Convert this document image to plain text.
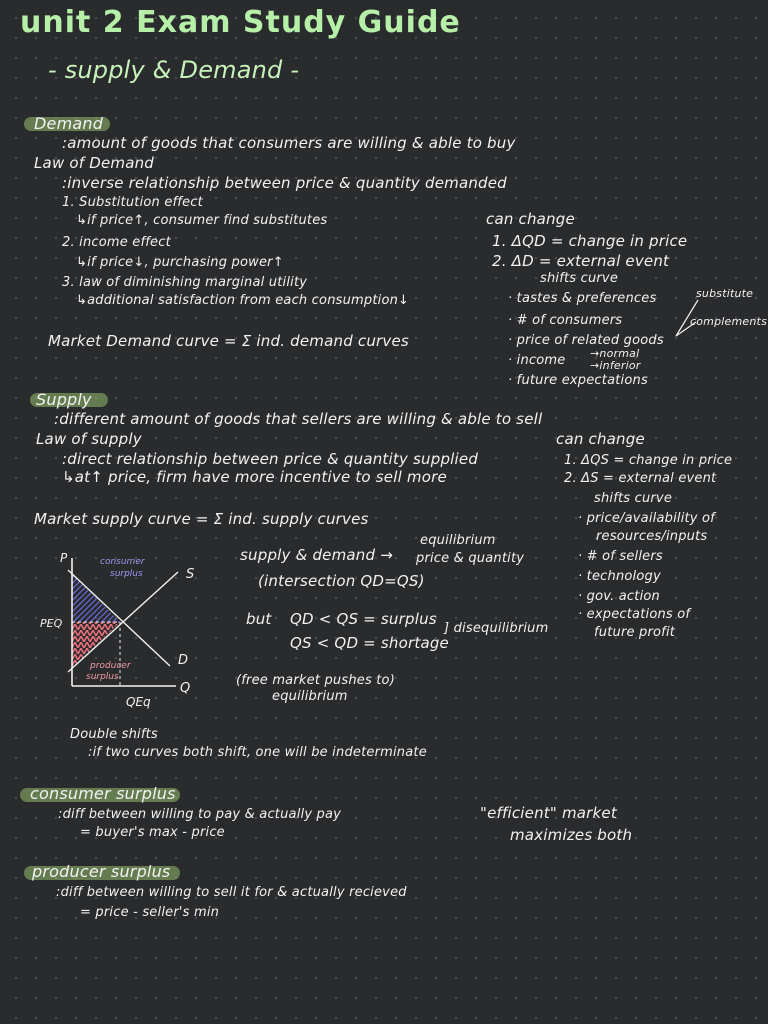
unit 2 Exam Study Guide
- supply & Demand -
Demand
:amount of goods that consumers are willing & able to buy
Law of Demand
:inverse relationship between price & quantity demanded
1. Substitution effect
↳if price↑, consumer find substitutes
2. income effect
↳if price↓, purchasing power↑
3. law of diminishing marginal utility
↳additional satisfaction from each consumption↓
Market Demand curve = Σ ind. demand curves
can change
1. ΔQD = change in price
2. ΔD = external event
shifts curve
· tastes & preferences
· # of consumers
· price of related goods
· income
· future expectations
substitute
complements
→normal
→inferior
Supply
:different amount of goods that sellers are willing & able to sell
Law of supply
:direct relationship between price & quantity supplied
↳at↑ price, firm have more incentive to sell more
Market supply curve = Σ ind. supply curves
can change
1. ΔQS = change in price
2. ΔS = external event
shifts curve
· price/availability of
resources/inputs
· # of sellers
· technology
· gov. action
· expectations of
future profit
P
S
D
Q
PEQ
QEq
consumer
surplus
producer
surplus
equilibrium
supply & demand → price & quantity
(intersection QD=QS)
but QD < QS = surplus
QS < QD = shortage
] disequilibrium
(free market pushes to)
equilibrium
Double shifts
:if two curves both shift, one will be indeterminate
consumer surplus
:diff between willing to pay & actually pay
= buyer's max - price
"efficient" market
maximizes both
producer surplus
:diff between willing to sell it for & actually recieved
= price - seller's min
